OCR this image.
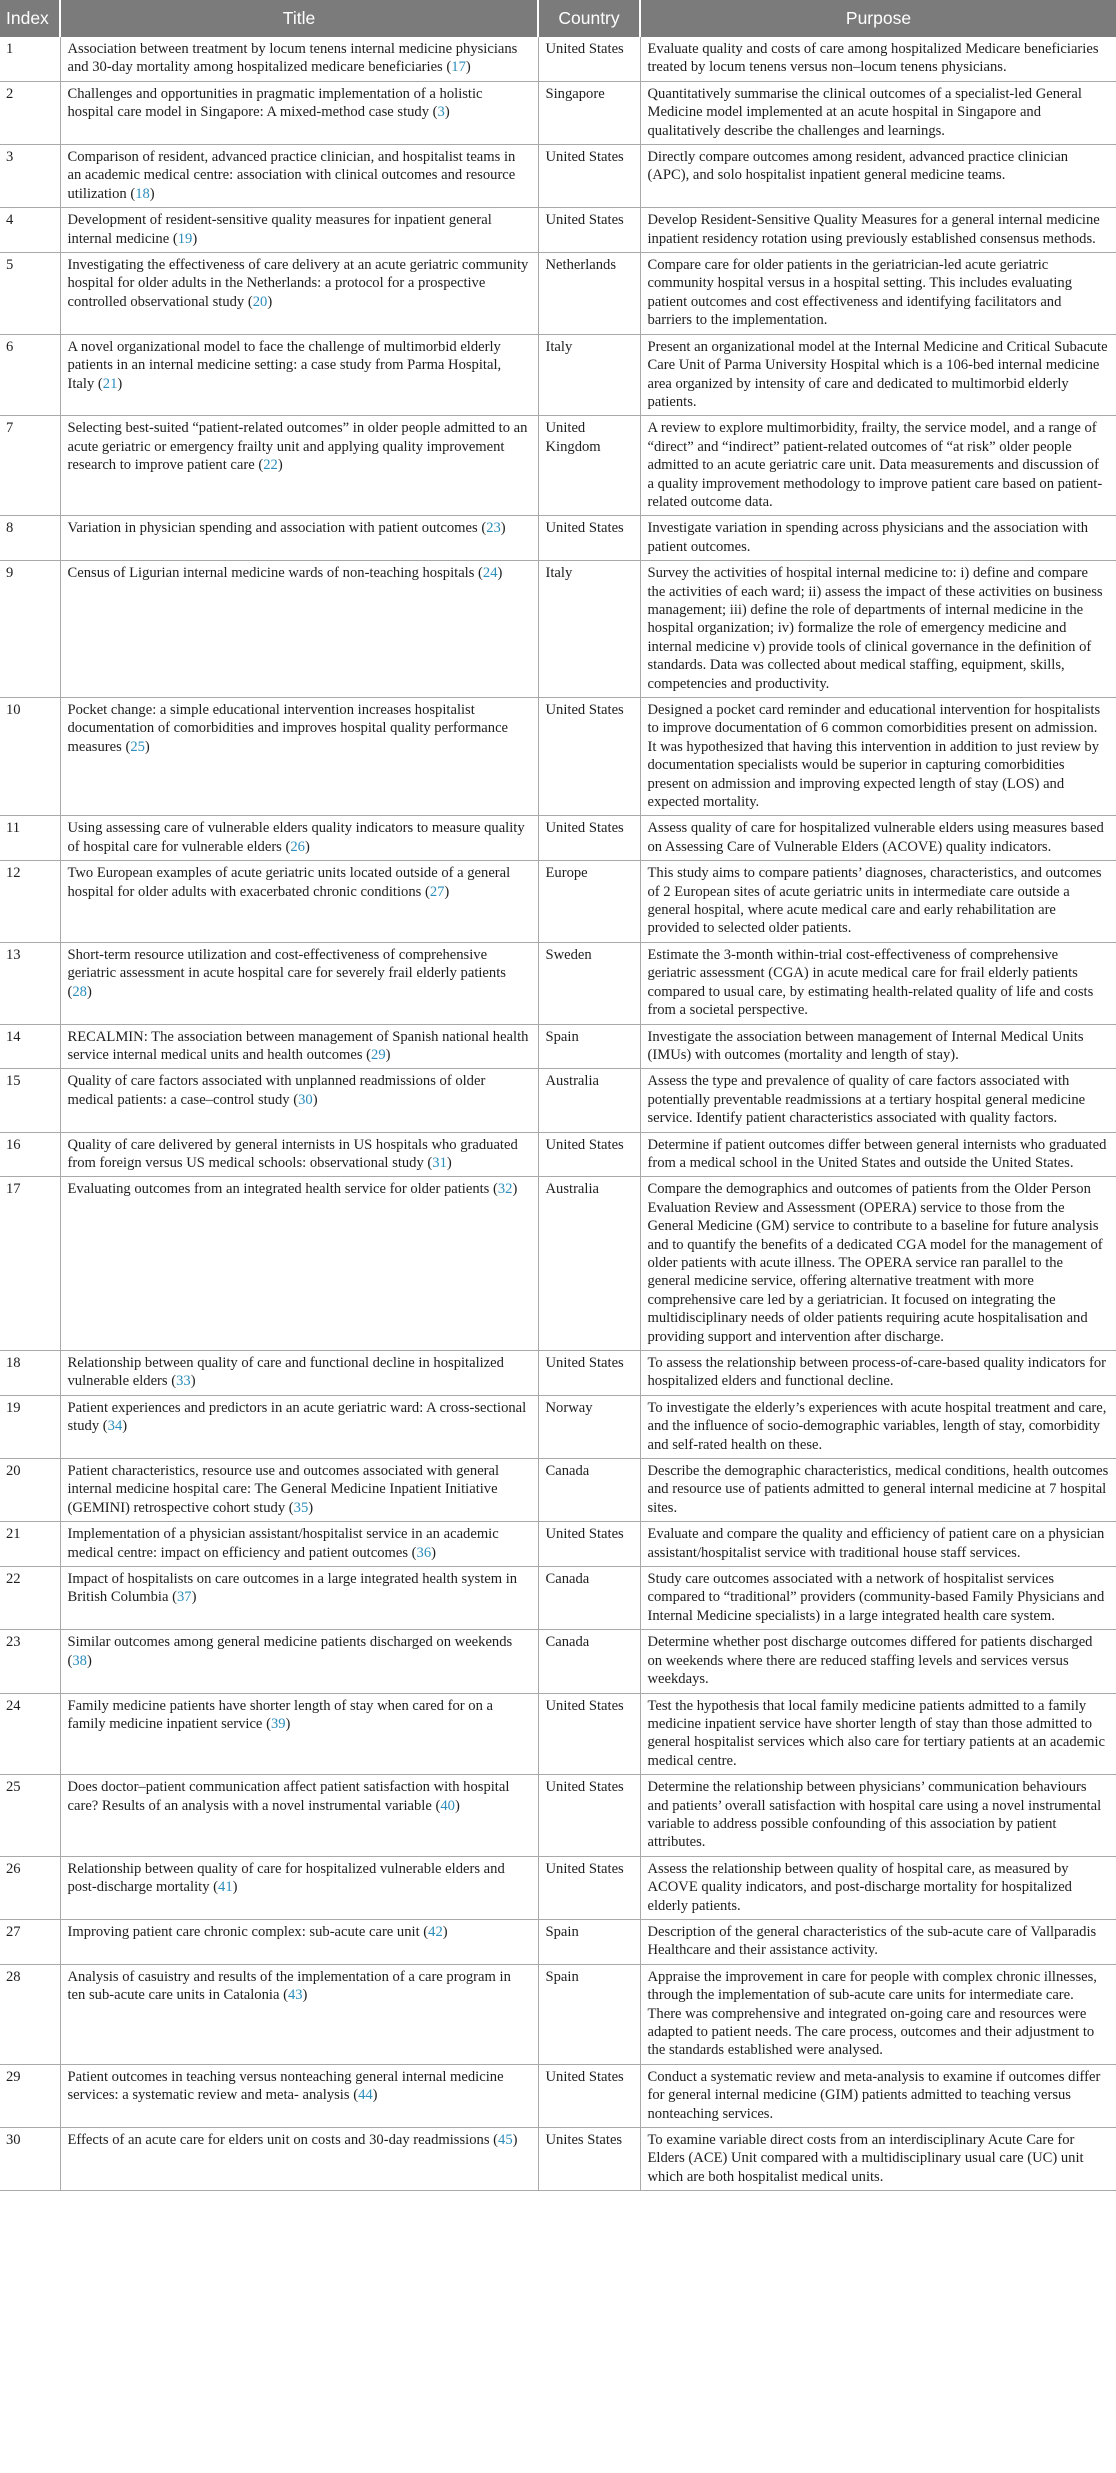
Index	Title	Country	Purpose
1	Association between treatment by locum tenens internal medicine physicians and 30-day mortality among hospitalized medicare beneficiaries (17)	United States	Evaluate quality and costs of care among hospitalized Medicare beneficiaries treated by locum tenens versus non–locum tenens physicians.
2	Challenges and opportunities in pragmatic implementation of a holistic hospital care model in Singapore: A mixed-method case study (3)	Singapore	Quantitatively summarise the clinical outcomes of a specialist-led General Medicine model implemented at an acute hospital in Singapore and qualitatively describe the challenges and learnings.
3	Comparison of resident, advanced practice clinician, and hospitalist teams in an academic medical centre: association with clinical outcomes and resource utilization (18)	United States	Directly compare outcomes among resident, advanced practice clinician (APC), and solo hospitalist inpatient general medicine teams.
4	Development of resident-sensitive quality measures for inpatient general internal medicine (19)	United States	Develop Resident-Sensitive Quality Measures for a general internal medicine inpatient residency rotation using previously established consensus methods.
5	Investigating the effectiveness of care delivery at an acute geriatric community hospital for older adults in the Netherlands: a protocol for a prospective controlled observational study (20)	Netherlands	Compare care for older patients in the geriatrician-led acute geriatric community hospital versus in a hospital setting. This includes evaluating patient outcomes and cost effectiveness and identifying facilitators and barriers to the implementation.
6	A novel organizational model to face the challenge of multimorbid elderly patients in an internal medicine setting: a case study from Parma Hospital, Italy (21)	Italy	Present an organizational model at the Internal Medicine and Critical Subacute Care Unit of Parma University Hospital which is a 106-bed internal medicine area organized by intensity of care and dedicated to multimorbid elderly patients.
7	Selecting best-suited “patient-related outcomes” in older people admitted to an acute geriatric or emergency frailty unit and applying quality improvement research to improve patient care (22)	United Kingdom	A review to explore multimorbidity, frailty, the service model, and a range of “direct” and “indirect” patient-related outcomes of “at risk” older people admitted to an acute geriatric care unit. Data measurements and discussion of a quality improvement methodology to improve patient care based on patient-related outcome data.
8	Variation in physician spending and association with patient outcomes (23)	United States	Investigate variation in spending across physicians and the association with patient outcomes.
9	Census of Ligurian internal medicine wards of non-teaching hospitals (24)	Italy	Survey the activities of hospital internal medicine to: i) define and compare the activities of each ward; ii) assess the impact of these activities on business management; iii) define the role of departments of internal medicine in the hospital organization; iv) formalize the role of emergency medicine and internal medicine v) provide tools of clinical governance in the definition of standards. Data was collected about medical staffing, equipment, skills, competencies and productivity.
10	Pocket change: a simple educational intervention increases hospitalist documentation of comorbidities and improves hospital quality performance measures (25)	United States	Designed a pocket card reminder and educational intervention for hospitalists to improve documentation of 6 common comorbidities present on admission. It was hypothesized that having this intervention in addition to just review by documentation specialists would be superior in capturing comorbidities present on admission and improving expected length of stay (LOS) and expected mortality.
11	Using assessing care of vulnerable elders quality indicators to measure quality of hospital care for vulnerable elders (26)	United States	Assess quality of care for hospitalized vulnerable elders using measures based on Assessing Care of Vulnerable Elders (ACOVE) quality indicators.
12	Two European examples of acute geriatric units located outside of a general hospital for older adults with exacerbated chronic conditions (27)	Europe	This study aims to compare patients’ diagnoses, characteristics, and outcomes of 2 European sites of acute geriatric units in intermediate care outside a general hospital, where acute medical care and early rehabilitation are provided to selected older patients.
13	Short-term resource utilization and cost-effectiveness of comprehensive geriatric assessment in acute hospital care for severely frail elderly patients (28)	Sweden	Estimate the 3-month within-trial cost-effectiveness of comprehensive geriatric assessment (CGA) in acute medical care for frail elderly patients compared to usual care, by estimating health-related quality of life and costs from a societal perspective.
14	RECALMIN: The association between management of Spanish national health service internal medical units and health outcomes (29)	Spain	Investigate the association between management of Internal Medical Units (IMUs) with outcomes (mortality and length of stay).
15	Quality of care factors associated with unplanned readmissions of older medical patients: a case–control study (30)	Australia	Assess the type and prevalence of quality of care factors associated with potentially preventable readmissions at a tertiary hospital general medicine service. Identify patient characteristics associated with quality factors.
16	Quality of care delivered by general internists in US hospitals who graduated from foreign versus US medical schools: observational study (31)	United States	Determine if patient outcomes differ between general internists who graduated from a medical school in the United States and outside the United States.
17	Evaluating outcomes from an integrated health service for older patients (32)	Australia	Compare the demographics and outcomes of patients from the Older Person Evaluation Review and Assessment (OPERA) service to those from the General Medicine (GM) service to contribute to a baseline for future analysis and to quantify the benefits of a dedicated CGA model for the management of older patients with acute illness. The OPERA service ran parallel to the general medicine service, offering alternative treatment with more comprehensive care led by a geriatrician. It focused on integrating the multidisciplinary needs of older patients requiring acute hospitalisation and providing support and intervention after discharge.
18	Relationship between quality of care and functional decline in hospitalized vulnerable elders (33)	United States	To assess the relationship between process-of-care-based quality indicators for hospitalized elders and functional decline.
19	Patient experiences and predictors in an acute geriatric ward: A cross-sectional study (34)	Norway	To investigate the elderly’s experiences with acute hospital treatment and care, and the influence of socio-demographic variables, length of stay, comorbidity and self-rated health on these.
20	Patient characteristics, resource use and outcomes associated with general internal medicine hospital care: The General Medicine Inpatient Initiative (GEMINI) retrospective cohort study (35)	Canada	Describe the demographic characteristics, medical conditions, health outcomes and resource use of patients admitted to general internal medicine at 7 hospital sites.
21	Implementation of a physician assistant/hospitalist service in an academic medical centre: impact on efficiency and patient outcomes (36)	United States	Evaluate and compare the quality and efficiency of patient care on a physician assistant/hospitalist service with traditional house staff services.
22	Impact of hospitalists on care outcomes in a large integrated health system in British Columbia (37)	Canada	Study care outcomes associated with a network of hospitalist services compared to “traditional” providers (community-based Family Physicians and Internal Medicine specialists) in a large integrated health care system.
23	Similar outcomes among general medicine patients discharged on weekends (38)	Canada	Determine whether post discharge outcomes differed for patients discharged on weekends where there are reduced staffing levels and services versus weekdays.
24	Family medicine patients have shorter length of stay when cared for on a family medicine inpatient service (39)	United States	Test the hypothesis that local family medicine patients admitted to a family medicine inpatient service have shorter length of stay than those admitted to general hospitalist services which also care for tertiary patients at an academic medical centre.
25	Does doctor–patient communication affect patient satisfaction with hospital care? Results of an analysis with a novel instrumental variable (40)	United States	Determine the relationship between physicians’ communication behaviours and patients’ overall satisfaction with hospital care using a novel instrumental variable to address possible confounding of this association by patient attributes.
26	Relationship between quality of care for hospitalized vulnerable elders and post-discharge mortality (41)	United States	Assess the relationship between quality of hospital care, as measured by ACOVE quality indicators, and post-discharge mortality for hospitalized elderly patients.
27	Improving patient care chronic complex: sub-acute care unit (42)	Spain	Description of the general characteristics of the sub-acute care of Vallparadis Healthcare and their assistance activity.
28	Analysis of casuistry and results of the implementation of a care program in ten sub-acute care units in Catalonia (43)	Spain	Appraise the improvement in care for people with complex chronic illnesses, through the implementation of sub-acute care units for intermediate care. There was comprehensive and integrated on-going care and resources were adapted to patient needs. The care process, outcomes and their adjustment to the standards established were analysed.
29	Patient outcomes in teaching versus nonteaching general internal medicine services: a systematic review and meta- analysis (44)	United States	Conduct a systematic review and meta-analysis to examine if outcomes differ for general internal medicine (GIM) patients admitted to teaching versus nonteaching services.
30	Effects of an acute care for elders unit on costs and 30-day readmissions (45)	Unites States	To examine variable direct costs from an interdisciplinary Acute Care for Elders (ACE) Unit compared with a multidisciplinary usual care (UC) unit which are both hospitalist medical units.
